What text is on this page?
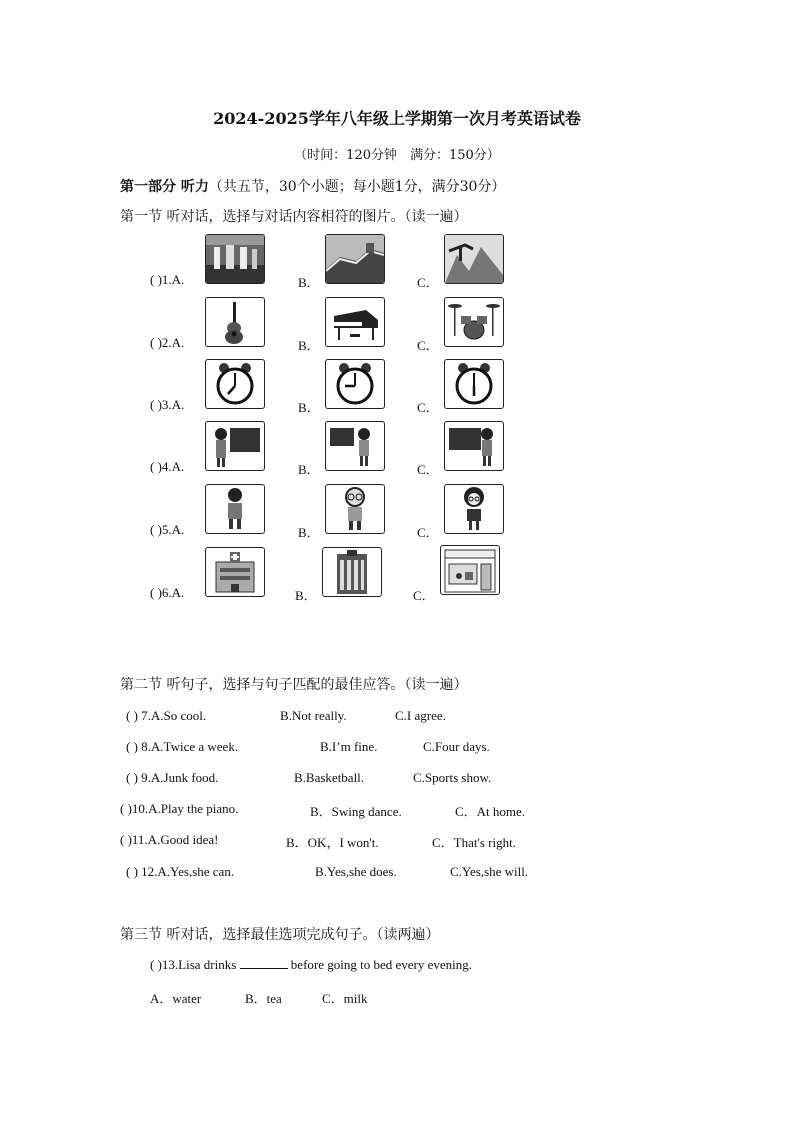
2024-2025学年八年级上学期第一次月考英语试卷
（时间：120分钟　满分：150分）
第一部分 听力（共五节，30个小题；每小题1分，满分30分）
第一节 听对话，选择与对话内容相符的图片。（读一遍）
( )1.A.	B．	C．
( )2.A.	B．	C．
( )3.A.	B．	C．
( )4.A.	B．	C．
( )5.A.	B．	C．
( )6.A.	B．	C．
第二节 听句子，选择与句子匹配的最佳应答。（读一遍）
( ) 7.A.So cool.	B.Not really.	C.I agree.
( ) 8.A.Twice a week.	B.I’m fine.	C.Four days.
( ) 9.A.Junk food.	B.Basketball.	C.Sports show.
( )10.A.Play the piano.	B．Swing dance.	C．At home.
( )11.A.Good idea!	B．OK，I won't.	C．That's right.
( ) 12.A.Yes,she can.	B.Yes,she does.	C.Yes,she will.
第三节 听对话，选择最佳选项完成句子。（读两遍）
( )13.Lisa drinks	before going to bed every evening.
A．water	B．tea	C．milk
